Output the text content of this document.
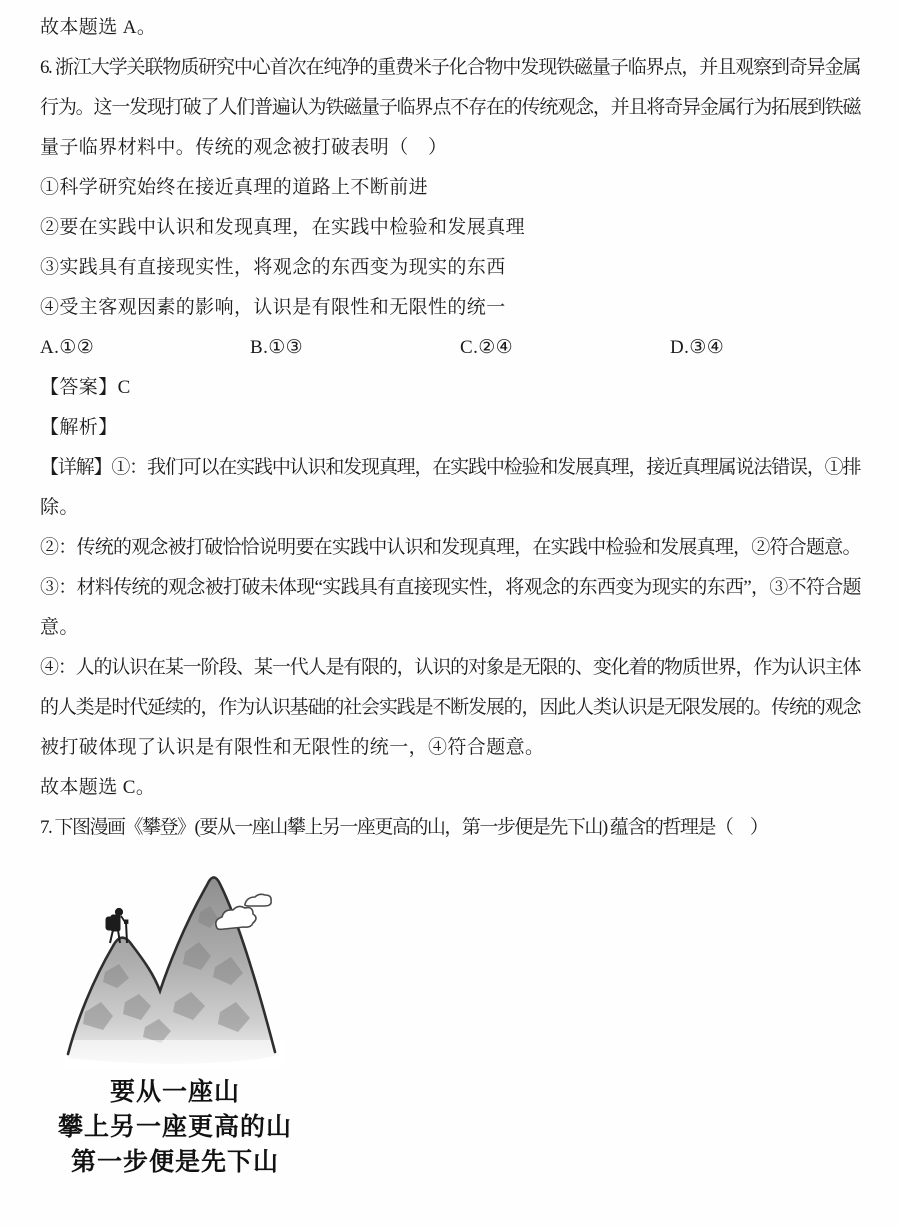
故本题选 A。
6. 浙江大学关联物质研究中心首次在纯净的重费米子化合物中发现铁磁量子临界点，并且观察到奇异金属
行为。这一发现打破了人们普遍认为铁磁量子临界点不存在的传统观念，并且将奇异金属行为拓展到铁磁
量子临界材料中。传统的观念被打破表明（　）
①科学研究始终在接近真理的道路上不断前进
②要在实践中认识和发现真理，在实践中检验和发展真理
③实践具有直接现实性，将观念的东西变为现实的东西
④受主客观因素的影响，认识是有限性和无限性的统一
A.①②	B.①③	C.②④	D.③④
【答案】C
【解析】
【详解】①：我们可以在实践中认识和发现真理，在实践中检验和发展真理，接近真理属说法错误，①排
除。
②：传统的观念被打破恰恰说明要在实践中认识和发现真理，在实践中检验和发展真理，②符合题意。
③：材料传统的观念被打破未体现“实践具有直接现实性，将观念的东西变为现实的东西”，③不符合题
意。
④：人的认识在某一阶段、某一代人是有限的，认识的对象是无限的、变化着的物质世界，作为认识主体
的人类是时代延续的，作为认识基础的社会实践是不断发展的，因此人类认识是无限发展的。传统的观念
被打破体现了认识是有限性和无限性的统一，④符合题意。
故本题选 C。
7. 下图漫画《攀登》(要从一座山攀上另一座更高的山，第一步便是先下山) 蕴含的哲理是（　）
要从一座山
攀上另一座更高的山
第一步便是先下山
